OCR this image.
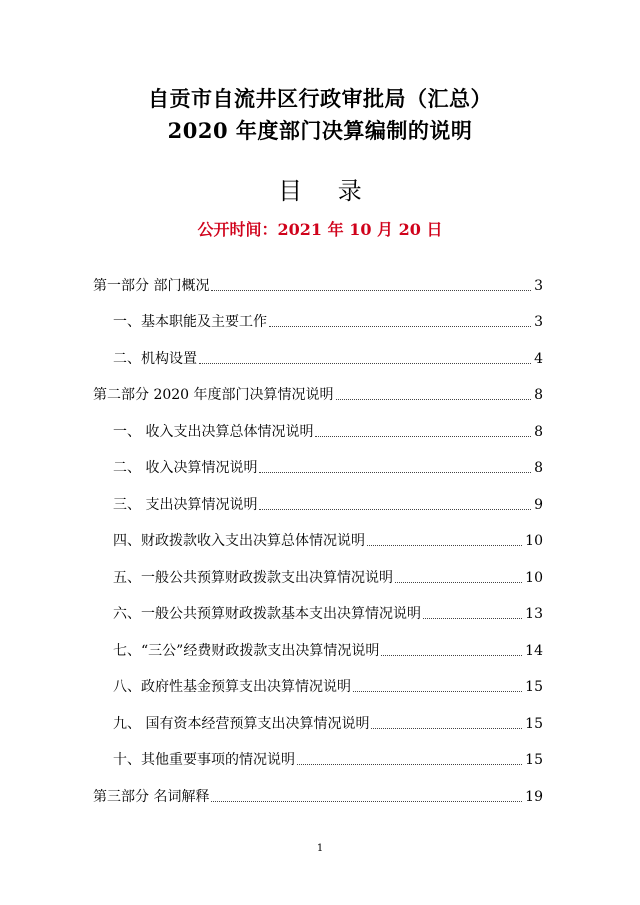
自贡市自流井区行政审批局（汇总）
2020 年度部门决算编制的说明
目 录
公开时间：2021 年 10 月 20 日
第一部分 部门概况	3
一、基本职能及主要工作	3
二、机构设置	4
第二部分 2020 年度部门决算情况说明	8
一、 收入支出决算总体情况说明	8
二、 收入决算情况说明	8
三、 支出决算情况说明	9
四、财政拨款收入支出决算总体情况说明	10
五、一般公共预算财政拨款支出决算情况说明	10
六、一般公共预算财政拨款基本支出决算情况说明	13
七、“三公”经费财政拨款支出决算情况说明	14
八、政府性基金预算支出决算情况说明	15
九、 国有资本经营预算支出决算情况说明	15
十、其他重要事项的情况说明	15
第三部分 名词解释	19
1
